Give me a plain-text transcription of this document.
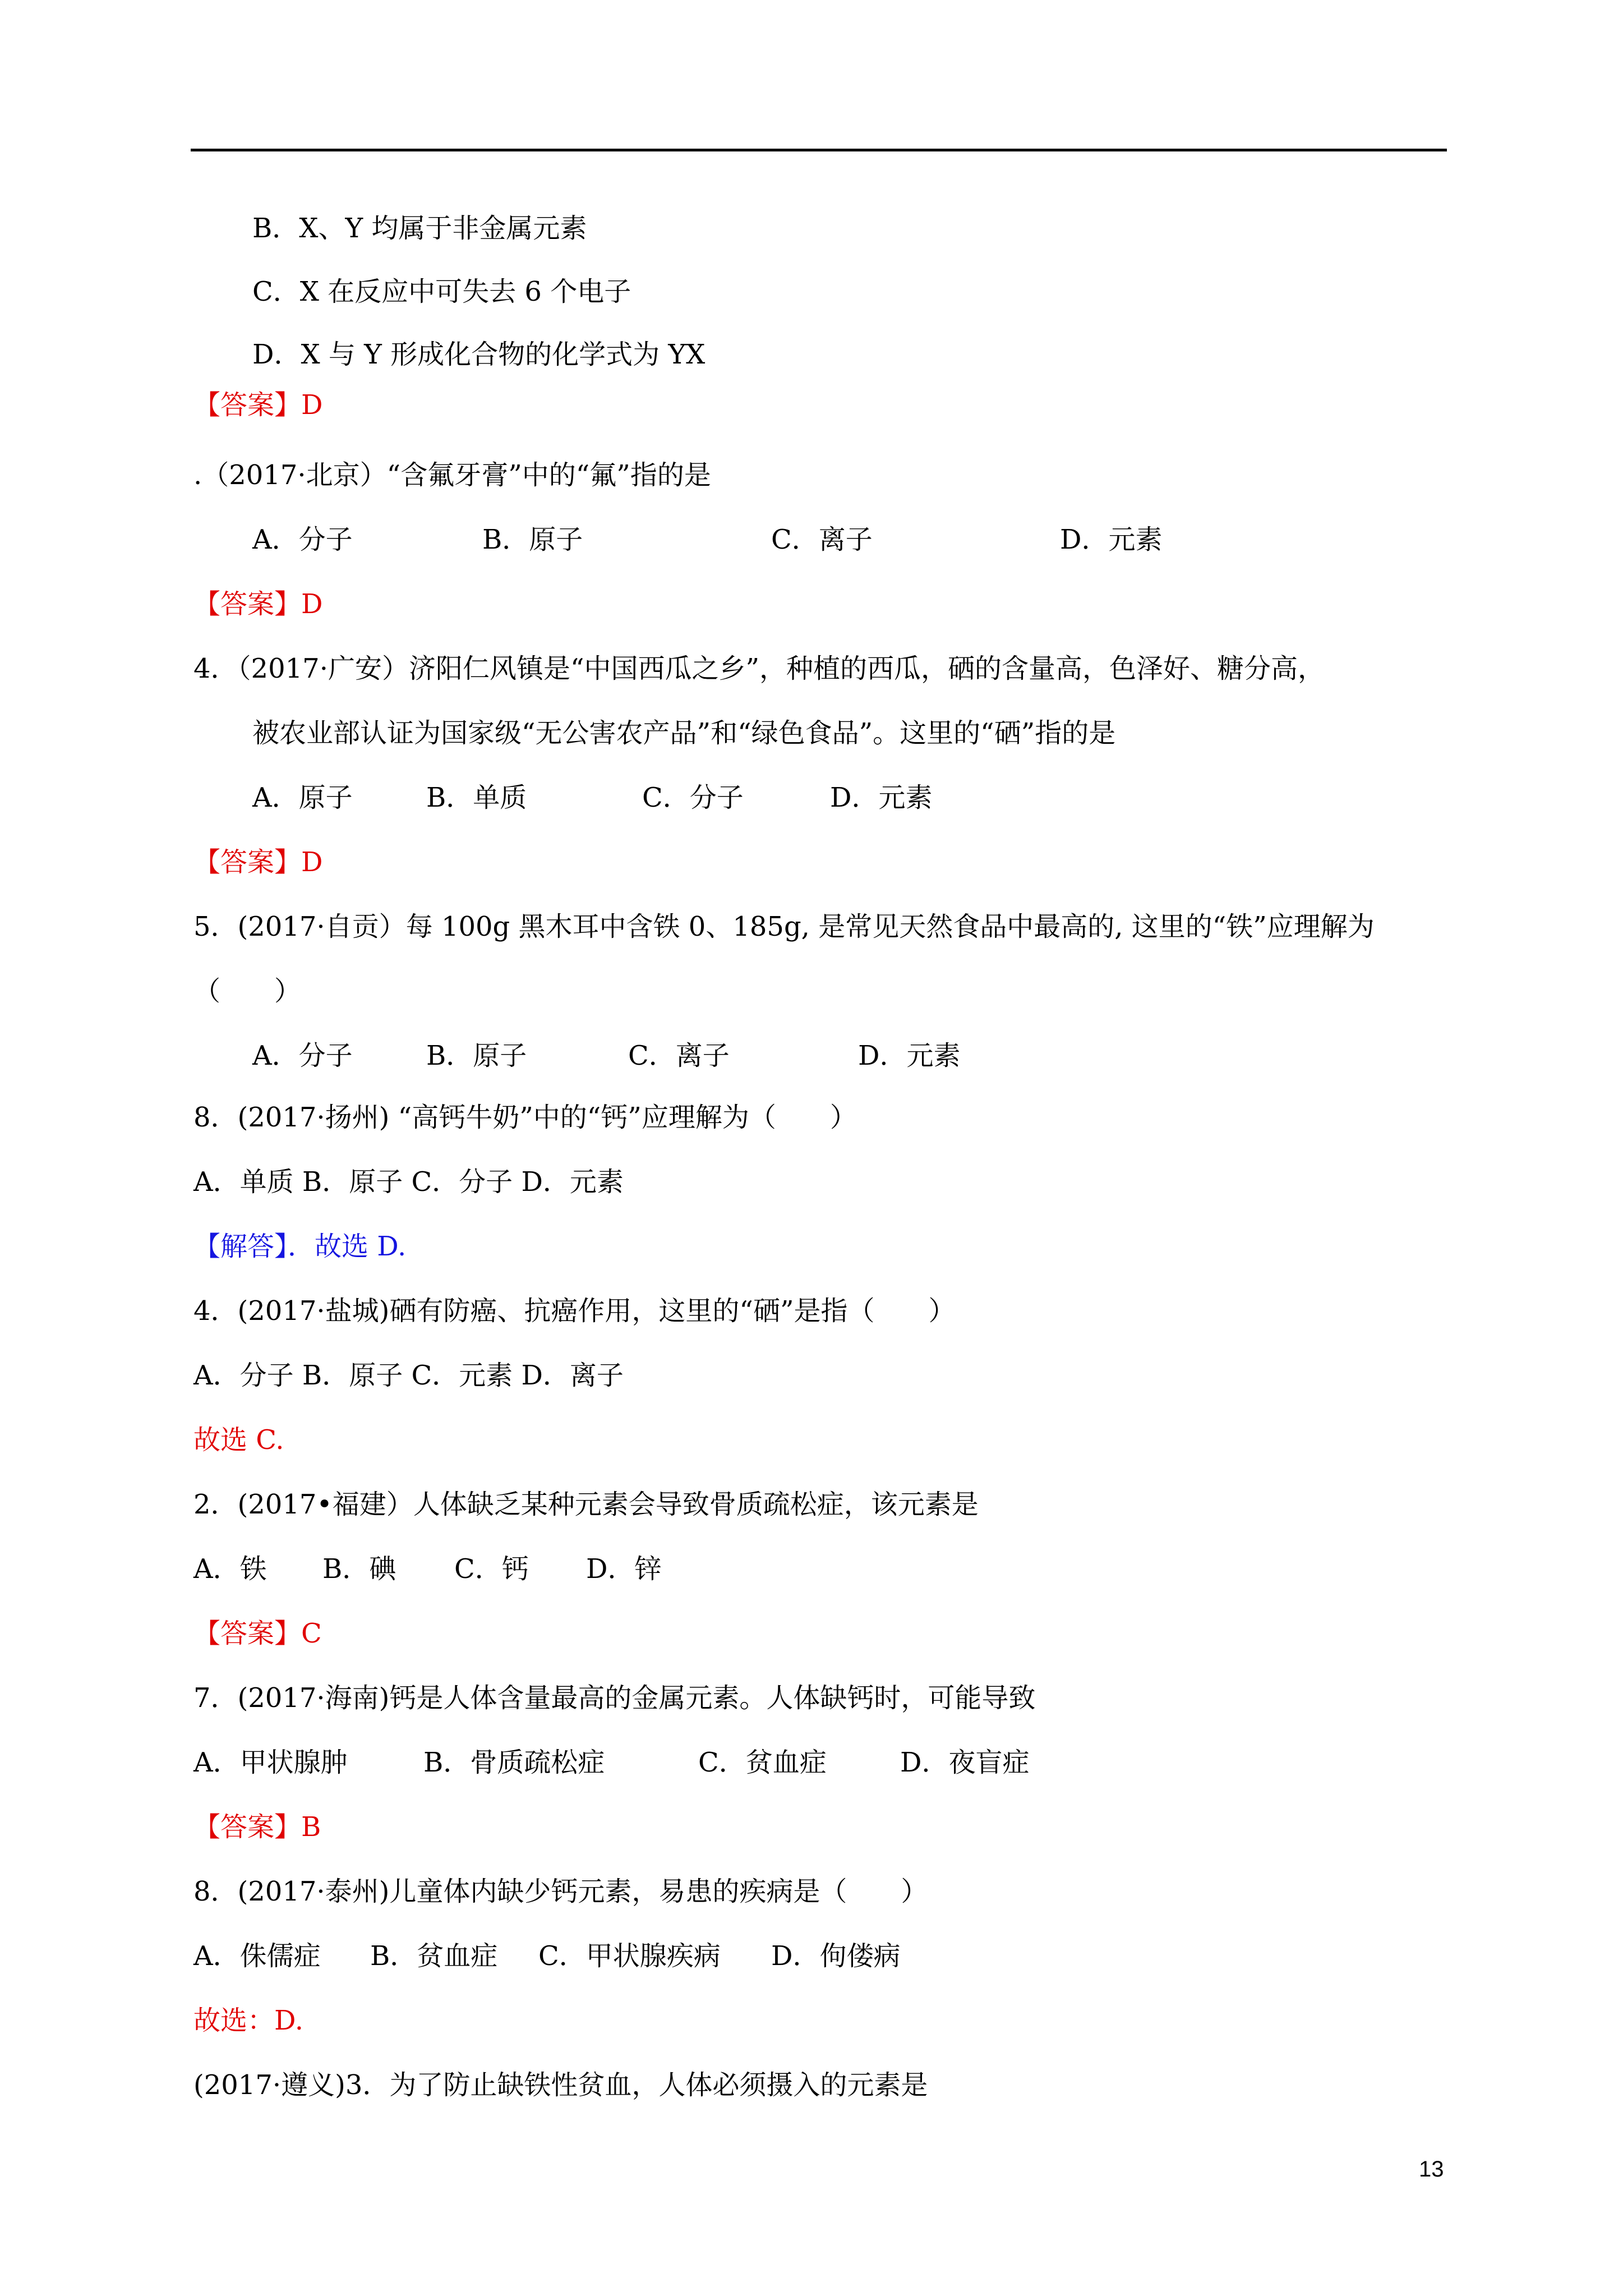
B．X、Y 均属于非金属元素
C．X 在反应中可失去 6 个电子
D．X 与 Y 形成化合物的化学式为 YX
【答案】D
.（2017·北京）“含氟牙膏”中的“氟”指的是

A．分子

	B．原子

	C．离子

	D．元素

【答案】D
4．（2017·广安）济阳仁风镇是“中国西瓜之乡”，种植的西瓜，硒的含量高，色泽好、糖分高，
被农业部认证为国家级“无公害农产品”和“绿色食品”。这里的“硒”指的是

A．原子

	B．单质

	C．分子

	D．元素

【答案】D
5．(2017·自贡）每 100g 黑木耳中含铁 0、185g, 是常见天然食品中最高的, 这里的“铁”应理解为
（　　）

A．分子

	B．原子

	C．离子

	D．元素

8．(2017·扬州) “高钙牛奶”中的“钙”应理解为（　　）
A．单质 B．原子 C．分子 D．元素
【解答】．故选 D.
4．(2017·盐城)硒有防癌、抗癌作用，这里的“硒”是指（　　）
A．分子 B．原子 C．元素 D．离子
故选 C.
2．(2017•福建）人体缺乏某种元素会导致骨质疏松症，该元素是

A．铁

B．碘

C．钙

D．锌

【答案】C
7．(2017·海南)钙是人体含量最高的金属元素。人体缺钙时，可能导致

A．甲状腺肿

	B．骨质疏松症

	C．贫血症

	D．夜盲症

【答案】B
8．(2017·泰州)儿童体内缺少钙元素，易患的疾病是（　　）

A．侏儒症

B．贫血症

C．甲状腺疾病

D．佝偻病

故选：D.
(2017·遵义)3．为了防止缺铁性贫血，人体必须摄入的元素是
13
